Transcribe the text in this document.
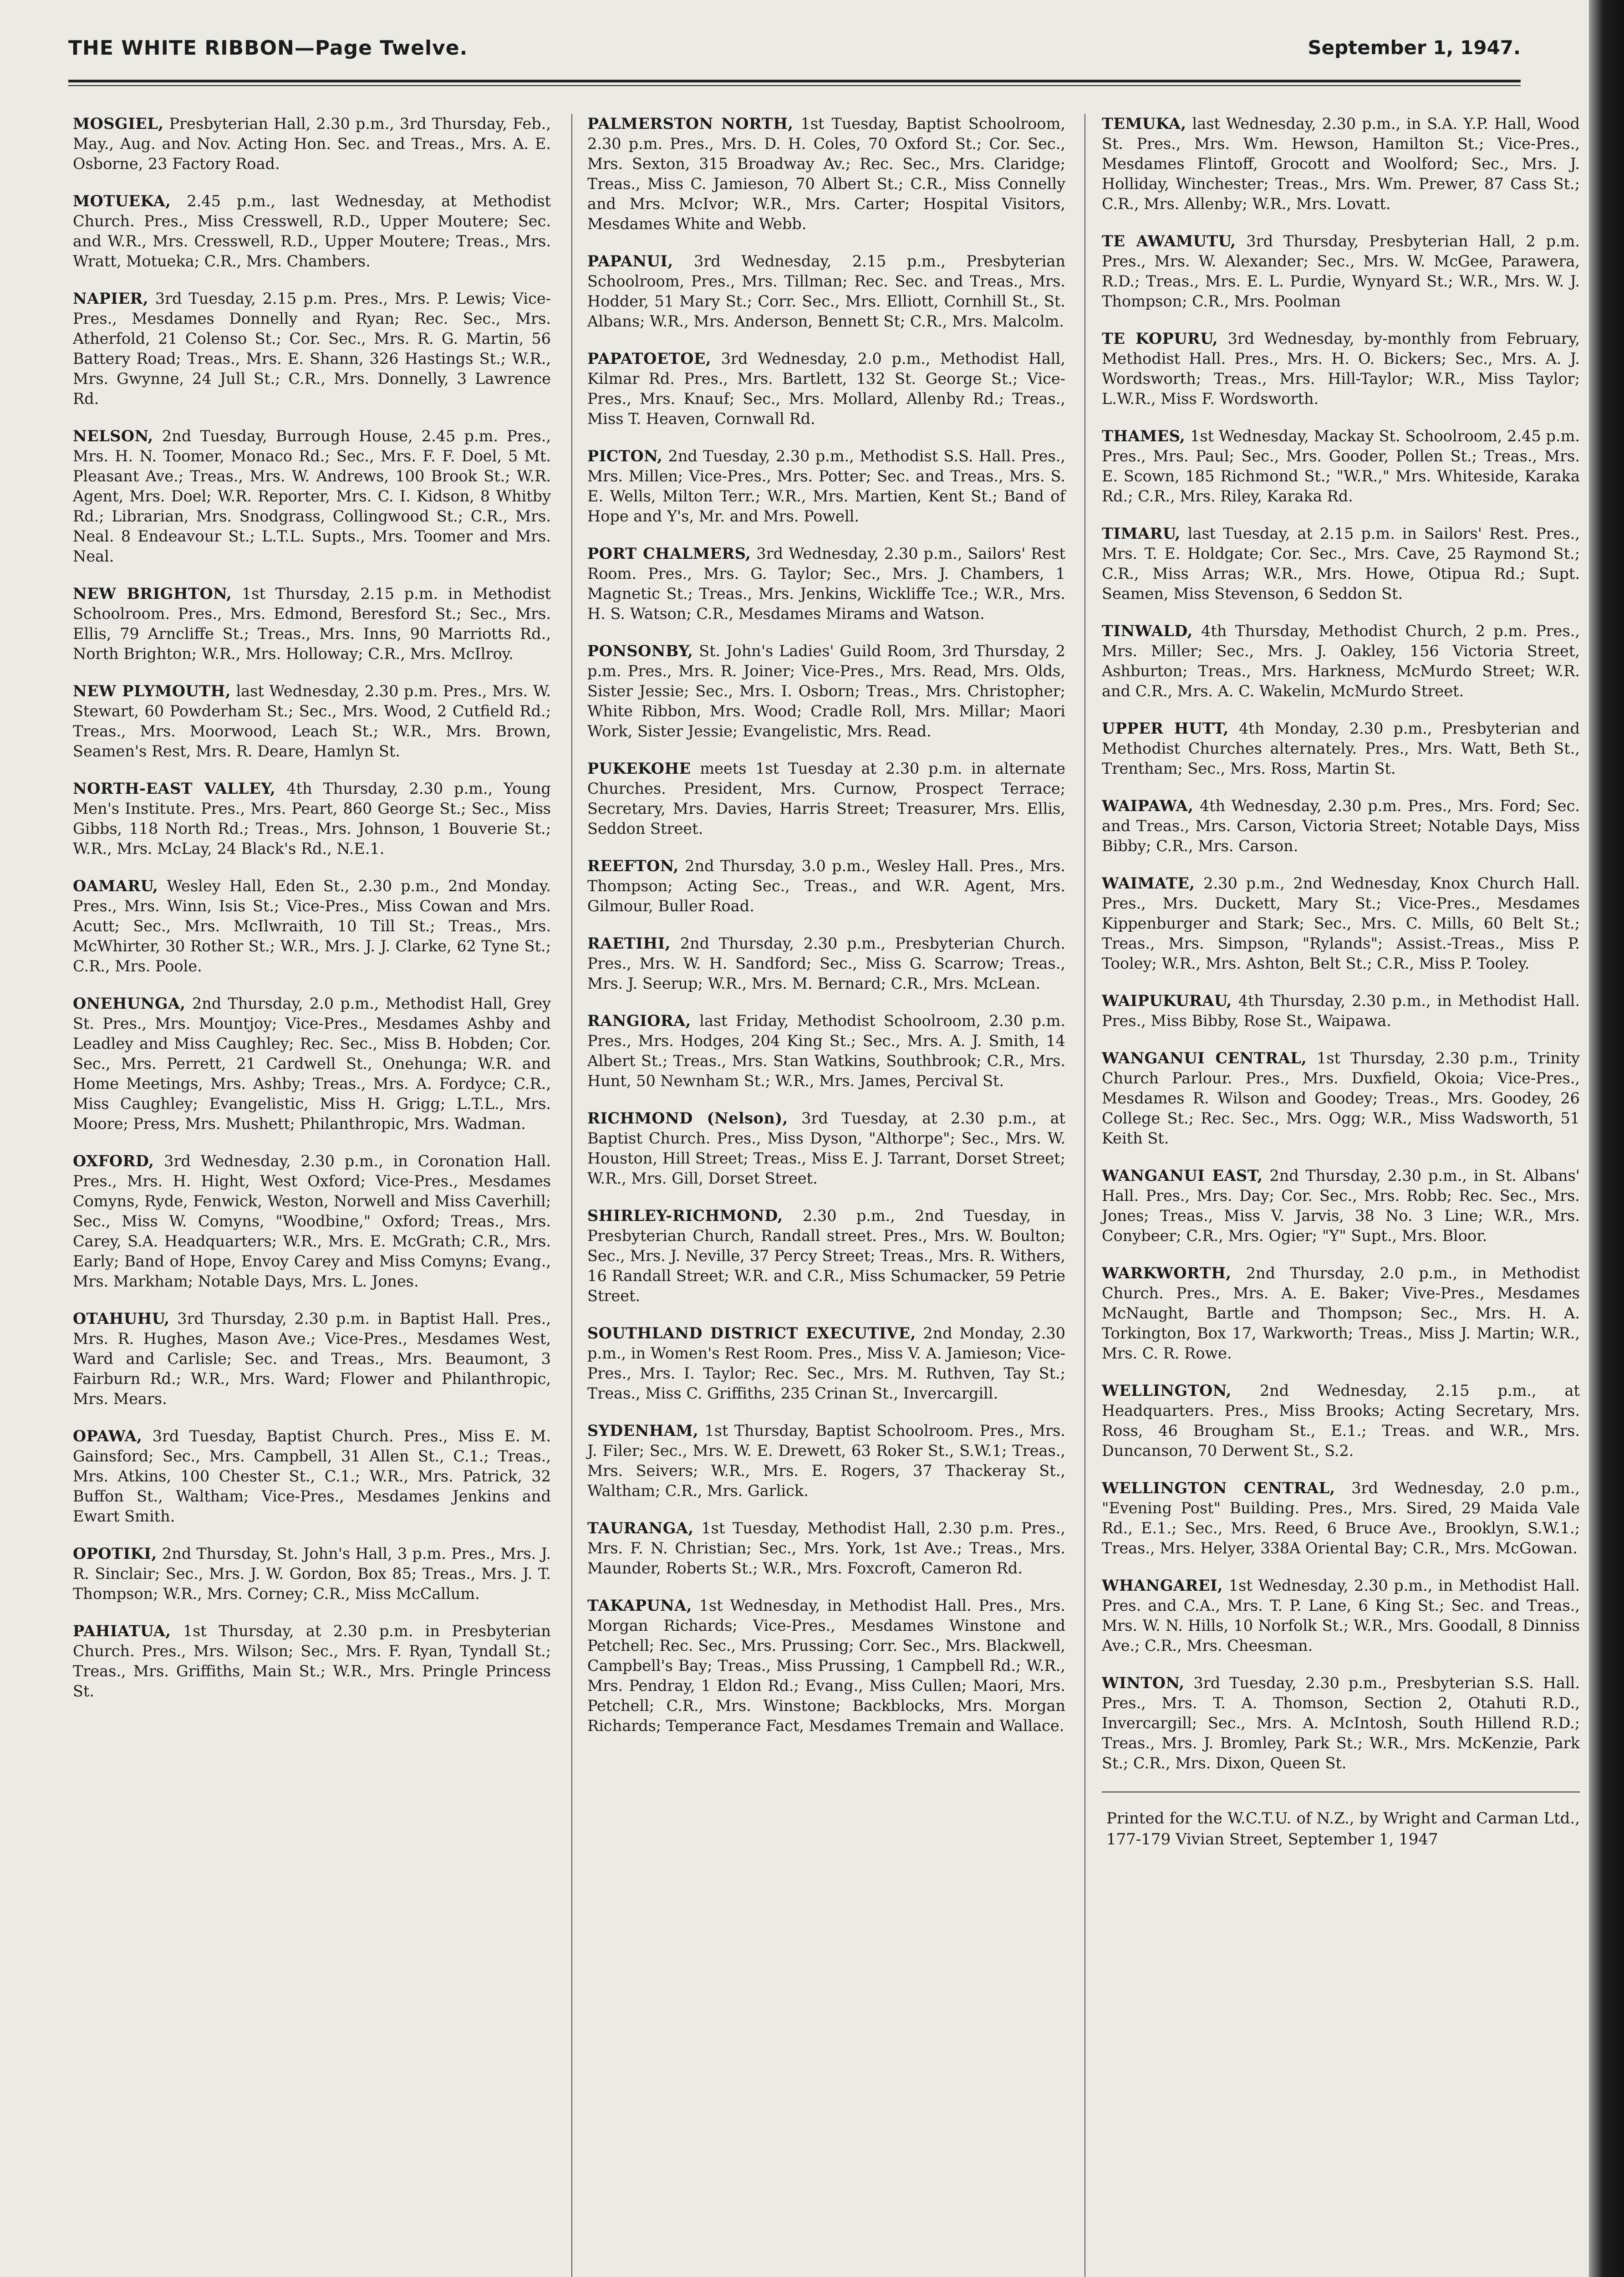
THE WHITE RIBBON—Page Twelve.	September 1, 1947.

MOSGIEL, Presbyterian Hall, 2.30 p.m., 3rd Thursday, Feb., May., Aug. and Nov. Acting Hon. Sec. and Treas., Mrs. A. E. Osborne, 23 Factory Road.

MOTUEKA, 2.45 p.m., last Wednesday, at Methodist Church. Pres., Miss Cresswell, R.D., Upper Moutere; Sec. and W.R., Mrs. Cresswell, R.D., Upper Moutere; Treas., Mrs. Wratt, Motueka; C.R., Mrs. Chambers.

NAPIER, 3rd Tuesday, 2.15 p.m. Pres., Mrs. P. Lewis; Vice-Pres., Mesdames Donnelly and Ryan; Rec. Sec., Mrs. Atherfold, 21 Colenso St.; Cor. Sec., Mrs. R. G. Martin, 56 Battery Road; Treas., Mrs. E. Shann, 326 Hastings St.; W.R., Mrs. Gwynne, 24 Jull St.; C.R., Mrs. Donnelly, 3 Lawrence Rd.

NELSON, 2nd Tuesday, Burrough House, 2.45 p.m. Pres., Mrs. H. N. Toomer, Monaco Rd.; Sec., Mrs. F. F. Doel, 5 Mt. Pleasant Ave.; Treas., Mrs. W. Andrews, 100 Brook St.; W.R. Agent, Mrs. Doel; W.R. Reporter, Mrs. C. I. Kidson, 8 Whitby Rd.; Librarian, Mrs. Snodgrass, Collingwood St.; C.R., Mrs. Neal. 8 Endeavour St.; L.T.L. Supts., Mrs. Toomer and Mrs. Neal.

NEW BRIGHTON, 1st Thursday, 2.15 p.m. in Methodist Schoolroom. Pres., Mrs. Edmond, Beresford St.; Sec., Mrs. Ellis, 79 Arncliffe St.; Treas., Mrs. Inns, 90 Marriotts Rd., North Brighton; W.R., Mrs. Holloway; C.R., Mrs. McIlroy.

NEW PLYMOUTH, last Wednesday, 2.30 p.m. Pres., Mrs. W. Stewart, 60 Powderham St.; Sec., Mrs. Wood, 2 Cutfield Rd.; Treas., Mrs. Moorwood, Leach St.; W.R., Mrs. Brown, Seamen's Rest, Mrs. R. Deare, Hamlyn St.

NORTH-EAST VALLEY, 4th Thursday, 2.30 p.m., Young Men's Institute. Pres., Mrs. Peart, 860 George St.; Sec., Miss Gibbs, 118 North Rd.; Treas., Mrs. Johnson, 1 Bouverie St.; W.R., Mrs. McLay, 24 Black's Rd., N.E.1.

OAMARU, Wesley Hall, Eden St., 2.30 p.m., 2nd Monday. Pres., Mrs. Winn, Isis St.; Vice-Pres., Miss Cowan and Mrs. Acutt; Sec., Mrs. McIlwraith, 10 Till St.; Treas., Mrs. McWhirter, 30 Rother St.; W.R., Mrs. J. J. Clarke, 62 Tyne St.; C.R., Mrs. Poole.

ONEHUNGA, 2nd Thursday, 2.0 p.m., Methodist Hall, Grey St. Pres., Mrs. Mountjoy; Vice-Pres., Mesdames Ashby and Leadley and Miss Caughley; Rec. Sec., Miss B. Hobden; Cor. Sec., Mrs. Perrett, 21 Cardwell St., Onehunga; W.R. and Home Meetings, Mrs. Ashby; Treas., Mrs. A. Fordyce; C.R., Miss Caughley; Evangelistic, Miss H. Grigg; L.T.L., Mrs. Moore; Press, Mrs. Mushett; Philanthropic, Mrs. Wadman.

OXFORD, 3rd Wednesday, 2.30 p.m., in Coronation Hall. Pres., Mrs. H. Hight, West Oxford; Vice-Pres., Mesdames Comyns, Ryde, Fenwick, Weston, Norwell and Miss Caverhill; Sec., Miss W. Comyns, "Woodbine," Oxford; Treas., Mrs. Carey, S.A. Headquarters; W.R., Mrs. E. McGrath; C.R., Mrs. Early; Band of Hope, Envoy Carey and Miss Comyns; Evang., Mrs. Markham; Notable Days, Mrs. L. Jones.

OTAHUHU, 3rd Thursday, 2.30 p.m. in Baptist Hall. Pres., Mrs. R. Hughes, Mason Ave.; Vice-Pres., Mesdames West, Ward and Carlisle; Sec. and Treas., Mrs. Beaumont, 3 Fairburn Rd.; W.R., Mrs. Ward; Flower and Philanthropic, Mrs. Mears.

OPAWA, 3rd Tuesday, Baptist Church. Pres., Miss E. M. Gainsford; Sec., Mrs. Campbell, 31 Allen St., C.1.; Treas., Mrs. Atkins, 100 Chester St., C.1.; W.R., Mrs. Patrick, 32 Buffon St., Waltham; Vice-Pres., Mesdames Jenkins and Ewart Smith.

OPOTIKI, 2nd Thursday, St. John's Hall, 3 p.m. Pres., Mrs. J. R. Sinclair; Sec., Mrs. J. W. Gordon, Box 85; Treas., Mrs. J. T. Thompson; W.R., Mrs. Corney; C.R., Miss McCallum.

PAHIATUA, 1st Thursday, at 2.30 p.m. in Presbyterian Church. Pres., Mrs. Wilson; Sec., Mrs. F. Ryan, Tyndall St.; Treas., Mrs. Griffiths, Main St.; W.R., Mrs. Pringle Princess St.

PALMERSTON NORTH, 1st Tuesday, Baptist Schoolroom, 2.30 p.m. Pres., Mrs. D. H. Coles, 70 Oxford St.; Cor. Sec., Mrs. Sexton, 315 Broadway Av.; Rec. Sec., Mrs. Claridge; Treas., Miss C. Jamieson, 70 Albert St.; C.R., Miss Connelly and Mrs. McIvor; W.R., Mrs. Carter; Hospital Visitors, Mesdames White and Webb.

PAPANUI, 3rd Wednesday, 2.15 p.m., Presbyterian Schoolroom, Pres., Mrs. Tillman; Rec. Sec. and Treas., Mrs. Hodder, 51 Mary St.; Corr. Sec., Mrs. Elliott, Cornhill St., St. Albans; W.R., Mrs. Anderson, Bennett St; C.R., Mrs. Malcolm.

PAPATOETOE, 3rd Wednesday, 2.0 p.m., Methodist Hall, Kilmar Rd. Pres., Mrs. Bartlett, 132 St. George St.; Vice-Pres., Mrs. Knauf; Sec., Mrs. Mollard, Allenby Rd.; Treas., Miss T. Heaven, Cornwall Rd.

PICTON, 2nd Tuesday, 2.30 p.m., Methodist S.S. Hall. Pres., Mrs. Millen; Vice-Pres., Mrs. Potter; Sec. and Treas., Mrs. S. E. Wells, Milton Terr.; W.R., Mrs. Martien, Kent St.; Band of Hope and Y's, Mr. and Mrs. Powell.

PORT CHALMERS, 3rd Wednesday, 2.30 p.m., Sailors' Rest Room. Pres., Mrs. G. Taylor; Sec., Mrs. J. Chambers, 1 Magnetic St.; Treas., Mrs. Jenkins, Wickliffe Tce.; W.R., Mrs. H. S. Watson; C.R., Mesdames Mirams and Watson.

PONSONBY, St. John's Ladies' Guild Room, 3rd Thursday, 2 p.m. Pres., Mrs. R. Joiner; Vice-Pres., Mrs. Read, Mrs. Olds, Sister Jessie; Sec., Mrs. I. Osborn; Treas., Mrs. Christopher; White Ribbon, Mrs. Wood; Cradle Roll, Mrs. Millar; Maori Work, Sister Jessie; Evangelistic, Mrs. Read.

PUKEKOHE meets 1st Tuesday at 2.30 p.m. in alternate Churches. President, Mrs. Curnow, Prospect Terrace; Secretary, Mrs. Davies, Harris Street; Treasurer, Mrs. Ellis, Seddon Street.

REEFTON, 2nd Thursday, 3.0 p.m., Wesley Hall. Pres., Mrs. Thompson; Acting Sec., Treas., and W.R. Agent, Mrs. Gilmour, Buller Road.

RAETIHI, 2nd Thursday, 2.30 p.m., Presbyterian Church. Pres., Mrs. W. H. Sandford; Sec., Miss G. Scarrow; Treas., Mrs. J. Seerup; W.R., Mrs. M. Bernard; C.R., Mrs. McLean.

RANGIORA, last Friday, Methodist Schoolroom, 2.30 p.m. Pres., Mrs. Hodges, 204 King St.; Sec., Mrs. A. J. Smith, 14 Albert St.; Treas., Mrs. Stan Watkins, Southbrook; C.R., Mrs. Hunt, 50 Newnham St.; W.R., Mrs. James, Percival St.

RICHMOND (Nelson), 3rd Tuesday, at 2.30 p.m., at Baptist Church. Pres., Miss Dyson, "Althorpe"; Sec., Mrs. W. Houston, Hill Street; Treas., Miss E. J. Tarrant, Dorset Street; W.R., Mrs. Gill, Dorset Street.

SHIRLEY-RICHMOND, 2.30 p.m., 2nd Tuesday, in Presbyterian Church, Randall street. Pres., Mrs. W. Boulton; Sec., Mrs. J. Neville, 37 Percy Street; Treas., Mrs. R. Withers, 16 Randall Street; W.R. and C.R., Miss Schumacker, 59 Petrie Street.

SOUTHLAND DISTRICT EXECUTIVE, 2nd Monday, 2.30 p.m., in Women's Rest Room. Pres., Miss V. A. Jamieson; Vice-Pres., Mrs. I. Taylor; Rec. Sec., Mrs. M. Ruthven, Tay St.; Treas., Miss C. Griffiths, 235 Crinan St., Invercargill.

SYDENHAM, 1st Thursday, Baptist Schoolroom. Pres., Mrs. J. Filer; Sec., Mrs. W. E. Drewett, 63 Roker St., S.W.1; Treas., Mrs. Seivers; W.R., Mrs. E. Rogers, 37 Thackeray St., Waltham; C.R., Mrs. Garlick.

TAURANGA, 1st Tuesday, Methodist Hall, 2.30 p.m. Pres., Mrs. F. N. Christian; Sec., Mrs. York, 1st Ave.; Treas., Mrs. Maunder, Roberts St.; W.R., Mrs. Foxcroft, Cameron Rd.

TAKAPUNA, 1st Wednesday, in Methodist Hall. Pres., Mrs. Morgan Richards; Vice-Pres., Mesdames Winstone and Petchell; Rec. Sec., Mrs. Prussing; Corr. Sec., Mrs. Blackwell, Campbell's Bay; Treas., Miss Prussing, 1 Campbell Rd.; W.R., Mrs. Pendray, 1 Eldon Rd.; Evang., Miss Cullen; Maori, Mrs. Petchell; C.R., Mrs. Winstone; Backblocks, Mrs. Morgan Richards; Temperance Fact, Mesdames Tremain and Wallace.

TEMUKA, last Wednesday, 2.30 p.m., in S.A. Y.P. Hall, Wood St. Pres., Mrs. Wm. Hewson, Hamilton St.; Vice-Pres., Mesdames Flintoff, Grocott and Woolford; Sec., Mrs. J. Holliday, Winchester; Treas., Mrs. Wm. Prewer, 87 Cass St.; C.R., Mrs. Allenby; W.R., Mrs. Lovatt.

TE AWAMUTU, 3rd Thursday, Presbyterian Hall, 2 p.m. Pres., Mrs. W. Alexander; Sec., Mrs. W. McGee, Parawera, R.D.; Treas., Mrs. E. L. Purdie, Wynyard St.; W.R., Mrs. W. J. Thompson; C.R., Mrs. Poolman

TE KOPURU, 3rd Wednesday, by-monthly from February, Methodist Hall. Pres., Mrs. H. O. Bickers; Sec., Mrs. A. J. Wordsworth; Treas., Mrs. Hill-Taylor; W.R., Miss Taylor; L.W.R., Miss F. Wordsworth.

THAMES, 1st Wednesday, Mackay St. Schoolroom, 2.45 p.m. Pres., Mrs. Paul; Sec., Mrs. Gooder, Pollen St.; Treas., Mrs. E. Scown, 185 Richmond St.; "W.R.," Mrs. Whiteside, Karaka Rd.; C.R., Mrs. Riley, Karaka Rd.

TIMARU, last Tuesday, at 2.15 p.m. in Sailors' Rest. Pres., Mrs. T. E. Holdgate; Cor. Sec., Mrs. Cave, 25 Raymond St.; C.R., Miss Arras; W.R., Mrs. Howe, Otipua Rd.; Supt. Seamen, Miss Stevenson, 6 Seddon St.

TINWALD, 4th Thursday, Methodist Church, 2 p.m. Pres., Mrs. Miller; Sec., Mrs. J. Oakley, 156 Victoria Street, Ashburton; Treas., Mrs. Harkness, McMurdo Street; W.R. and C.R., Mrs. A. C. Wakelin, McMurdo Street.

UPPER HUTT, 4th Monday, 2.30 p.m., Presbyterian and Methodist Churches alternately. Pres., Mrs. Watt, Beth St., Trentham; Sec., Mrs. Ross, Martin St.

WAIPAWA, 4th Wednesday, 2.30 p.m. Pres., Mrs. Ford; Sec. and Treas., Mrs. Carson, Victoria Street; Notable Days, Miss Bibby; C.R., Mrs. Carson.

WAIMATE, 2.30 p.m., 2nd Wednesday, Knox Church Hall. Pres., Mrs. Duckett, Mary St.; Vice-Pres., Mesdames Kippenburger and Stark; Sec., Mrs. C. Mills, 60 Belt St.; Treas., Mrs. Simpson, "Rylands"; Assist.-Treas., Miss P. Tooley; W.R., Mrs. Ashton, Belt St.; C.R., Miss P. Tooley.

WAIPUKURAU, 4th Thursday, 2.30 p.m., in Methodist Hall. Pres., Miss Bibby, Rose St., Waipawa.

WANGANUI CENTRAL, 1st Thursday, 2.30 p.m., Trinity Church Parlour. Pres., Mrs. Duxfield, Okoia; Vice-Pres., Mesdames R. Wilson and Goodey; Treas., Mrs. Goodey, 26 College St.; Rec. Sec., Mrs. Ogg; W.R., Miss Wadsworth, 51 Keith St.

WANGANUI EAST, 2nd Thursday, 2.30 p.m., in St. Albans' Hall. Pres., Mrs. Day; Cor. Sec., Mrs. Robb; Rec. Sec., Mrs. Jones; Treas., Miss V. Jarvis, 38 No. 3 Line; W.R., Mrs. Conybeer; C.R., Mrs. Ogier; "Y" Supt., Mrs. Bloor.

WARKWORTH, 2nd Thursday, 2.0 p.m., in Methodist Church. Pres., Mrs. A. E. Baker; Vive-Pres., Mesdames McNaught, Bartle and Thompson; Sec., Mrs. H. A. Torkington, Box 17, Warkworth; Treas., Miss J. Martin; W.R., Mrs. C. R. Rowe.

WELLINGTON, 2nd Wednesday, 2.15 p.m., at Headquarters. Pres., Miss Brooks; Acting Secretary, Mrs. Ross, 46 Brougham St., E.1.; Treas. and W.R., Mrs. Duncanson, 70 Derwent St., S.2.

WELLINGTON CENTRAL, 3rd Wednesday, 2.0 p.m., "Evening Post" Building. Pres., Mrs. Sired, 29 Maida Vale Rd., E.1.; Sec., Mrs. Reed, 6 Bruce Ave., Brooklyn, S.W.1.; Treas., Mrs. Helyer, 338A Oriental Bay; C.R., Mrs. McGowan.

WHANGAREI, 1st Wednesday, 2.30 p.m., in Methodist Hall. Pres. and C.A., Mrs. T. P. Lane, 6 King St.; Sec. and Treas., Mrs. W. N. Hills, 10 Norfolk St.; W.R., Mrs. Goodall, 8 Dinniss Ave.; C.R., Mrs. Cheesman.

WINTON, 3rd Tuesday, 2.30 p.m., Presbyterian S.S. Hall. Pres., Mrs. T. A. Thomson, Section 2, Otahuti R.D., Invercargill; Sec., Mrs. A. McIntosh, South Hillend R.D.; Treas., Mrs. J. Bromley, Park St.; W.R., Mrs. McKenzie, Park St.; C.R., Mrs. Dixon, Queen St.

Printed for the W.C.T.U. of N.Z., by Wright and Carman Ltd., 177-179 Vivian Street, September 1, 1947
